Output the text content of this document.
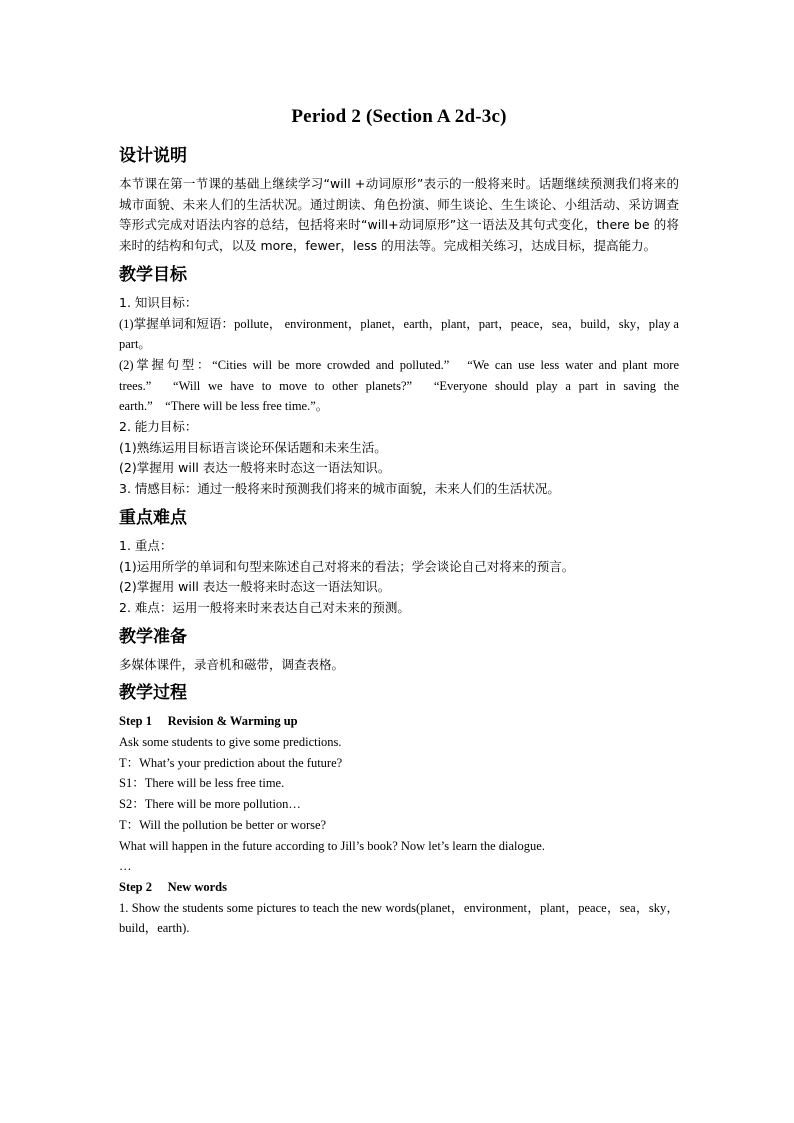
Period 2 (Section A 2d-3c)
设计说明

本节课在第一节课的基础上继续学习“will +动词原形”表示的一般将来时。话题继续预测我们将来的城市面貌、未来人们的生活状况。通过朗读、角色扮演、师生谈论、生生谈论、小组活动、采访调查等形式完成对语法内容的总结，包括将来时“will+动词原形”这一语法及其句式变化，there be 的将来时的结构和句式，以及 more，fewer，less 的用法等。完成相关练习，达成目标，提高能力。

教学目标

1. 知识目标：

(1)掌握单词和短语：pollute， environment，planet，earth，plant，part，peace，sea，build，sky，play a part。

(2)掌握句型：“Cities will be more crowded and polluted.”　“We can use less water and plant more trees.”　“Will we have to move to other planets?”　“Everyone should play a part in saving the earth.”　“There will be less free time.”。

2. 能力目标：

(1)熟练运用目标语言谈论环保话题和未来生活。

(2)掌握用 will 表达一般将来时态这一语法知识。

3. 情感目标：通过一般将来时预测我们将来的城市面貌，未来人们的生活状况。

重点难点

1. 重点：

(1)运用所学的单词和句型来陈述自己对将来的看法；学会谈论自己对将来的预言。

(2)掌握用 will 表达一般将来时态这一语法知识。

2. 难点：运用一般将来时来表达自己对未来的预测。

教学准备

多媒体课件，录音机和磁带，调查表格。

教学过程

Step 1　 Revision & Warming up

Ask some students to give some predictions.

T：What’s your prediction about the future?

S1：There will be less free time.

S2：There will be more pollution…

T：Will the pollution be better or worse?

What will happen in the future according to Jill’s book? Now let’s learn the dialogue.

…

Step 2　 New words

1. Show the students some pictures to teach the new words(planet，environment，plant，peace，sea，sky，build，earth).
